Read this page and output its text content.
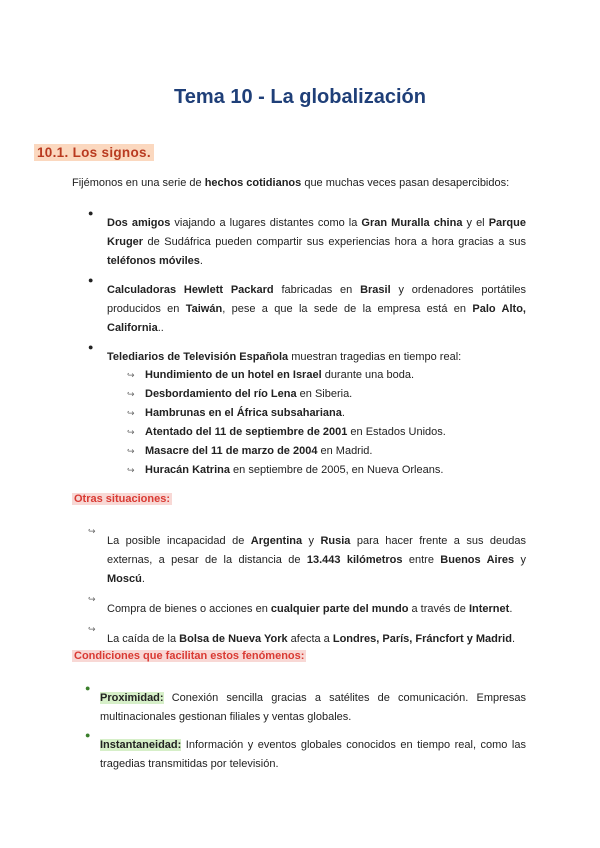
Tema 10 - La globalización
10.1. Los signos.

Fijémonos en una serie de hechos cotidianos que muchas veces pasan desapercibidos:

●

Dos amigos viajando a lugares distantes como la Gran Muralla china y el Parque Kruger de Sudáfrica pueden compartir sus experiencias hora a hora gracias a sus teléfonos móviles.

●

Calculadoras Hewlett Packard fabricadas en Brasil y ordenadores portátiles producidos en Taiwán, pese a que la sede de la empresa está en Palo Alto, California..

●

Telediarios de Televisión Española muestran tragedias en tiempo real:

↪ Hundimiento de un hotel en Israel durante una boda.
↪ Desbordamiento del río Lena en Siberia.
↪ Hambrunas en el África subsahariana.
↪ Atentado del 11 de septiembre de 2001 en Estados Unidos.
↪ Masacre del 11 de marzo de 2004 en Madrid.
↪ Huracán Katrina en septiembre de 2005, en Nueva Orleans.
Otras situaciones:
↪

La posible incapacidad de Argentina y Rusia para hacer frente a sus deudas externas, a pesar de la distancia de 13.443 kilómetros entre Buenos Aires y Moscú.

↪

Compra de bienes o acciones en cualquier parte del mundo a través de Internet.

↪

La caída de la Bolsa de Nueva York afecta a Londres, París, Fráncfort y Madrid.

Condiciones que facilitan estos fenómenos:
●

Proximidad: Conexión sencilla gracias a satélites de comunicación. Empresas multinacionales gestionan filiales y ventas globales.

●

Instantaneidad: Información y eventos globales conocidos en tiempo real, como las tragedias transmitidas por televisión.
